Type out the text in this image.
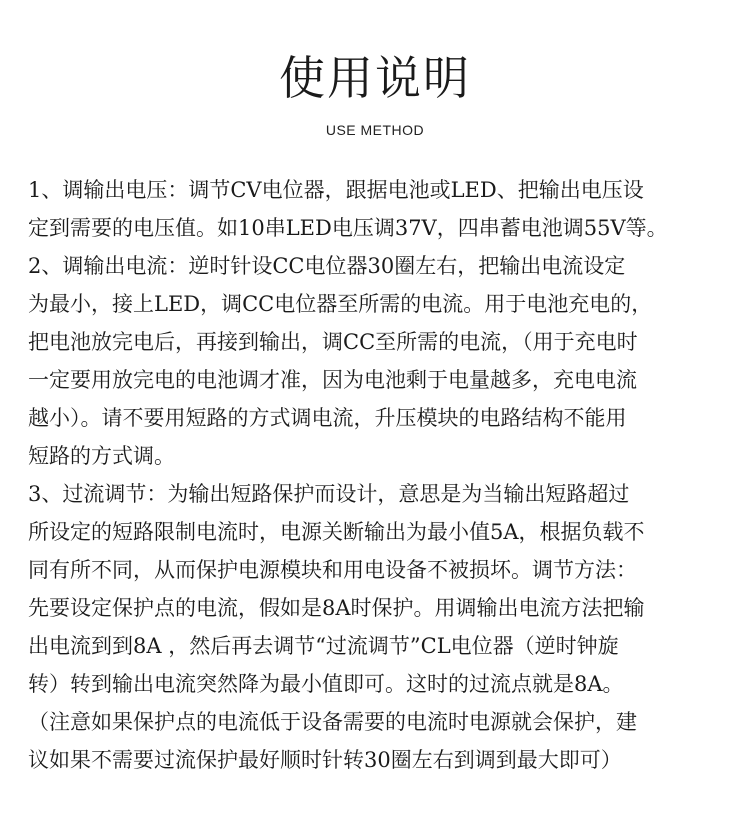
使用说明
USE METHOD
1、调输出电压：调节CV电位器，跟据电池或LED、把输出电压设
定到需要的电压值。如10串LED电压调37V，四串蓄电池调55V等。
2、调输出电流：逆时针设CC电位器30圈左右，把输出电流设定
为最小，接上LED，调CC电位器至所需的电流。用于电池充电的，
把电池放完电后，再接到输出，调CC至所需的电流，（用于充电时
一定要用放完电的电池调才准，因为电池剩于电量越多，充电电流
越小）。请不要用短路的方式调电流，升压模块的电路结构不能用
短路的方式调。
3、过流调节：为输出短路保护而设计，意思是为当输出短路超过
所设定的短路限制电流时，电源关断输出为最小值5A，根据负载不
同有所不同，从而保护电源模块和用电设备不被损坏。调节方法：
先要设定保护点的电流，假如是8A时保护。用调输出电流方法把输
出电流到到8A ，然后再去调节“过流调节”CL电位器（逆时钟旋
转）转到输出电流突然降为最小值即可。这时的过流点就是8A。
（注意如果保护点的电流低于设备需要的电流时电源就会保护，建
议如果不需要过流保护最好顺时针转30圈左右到调到最大即可）
